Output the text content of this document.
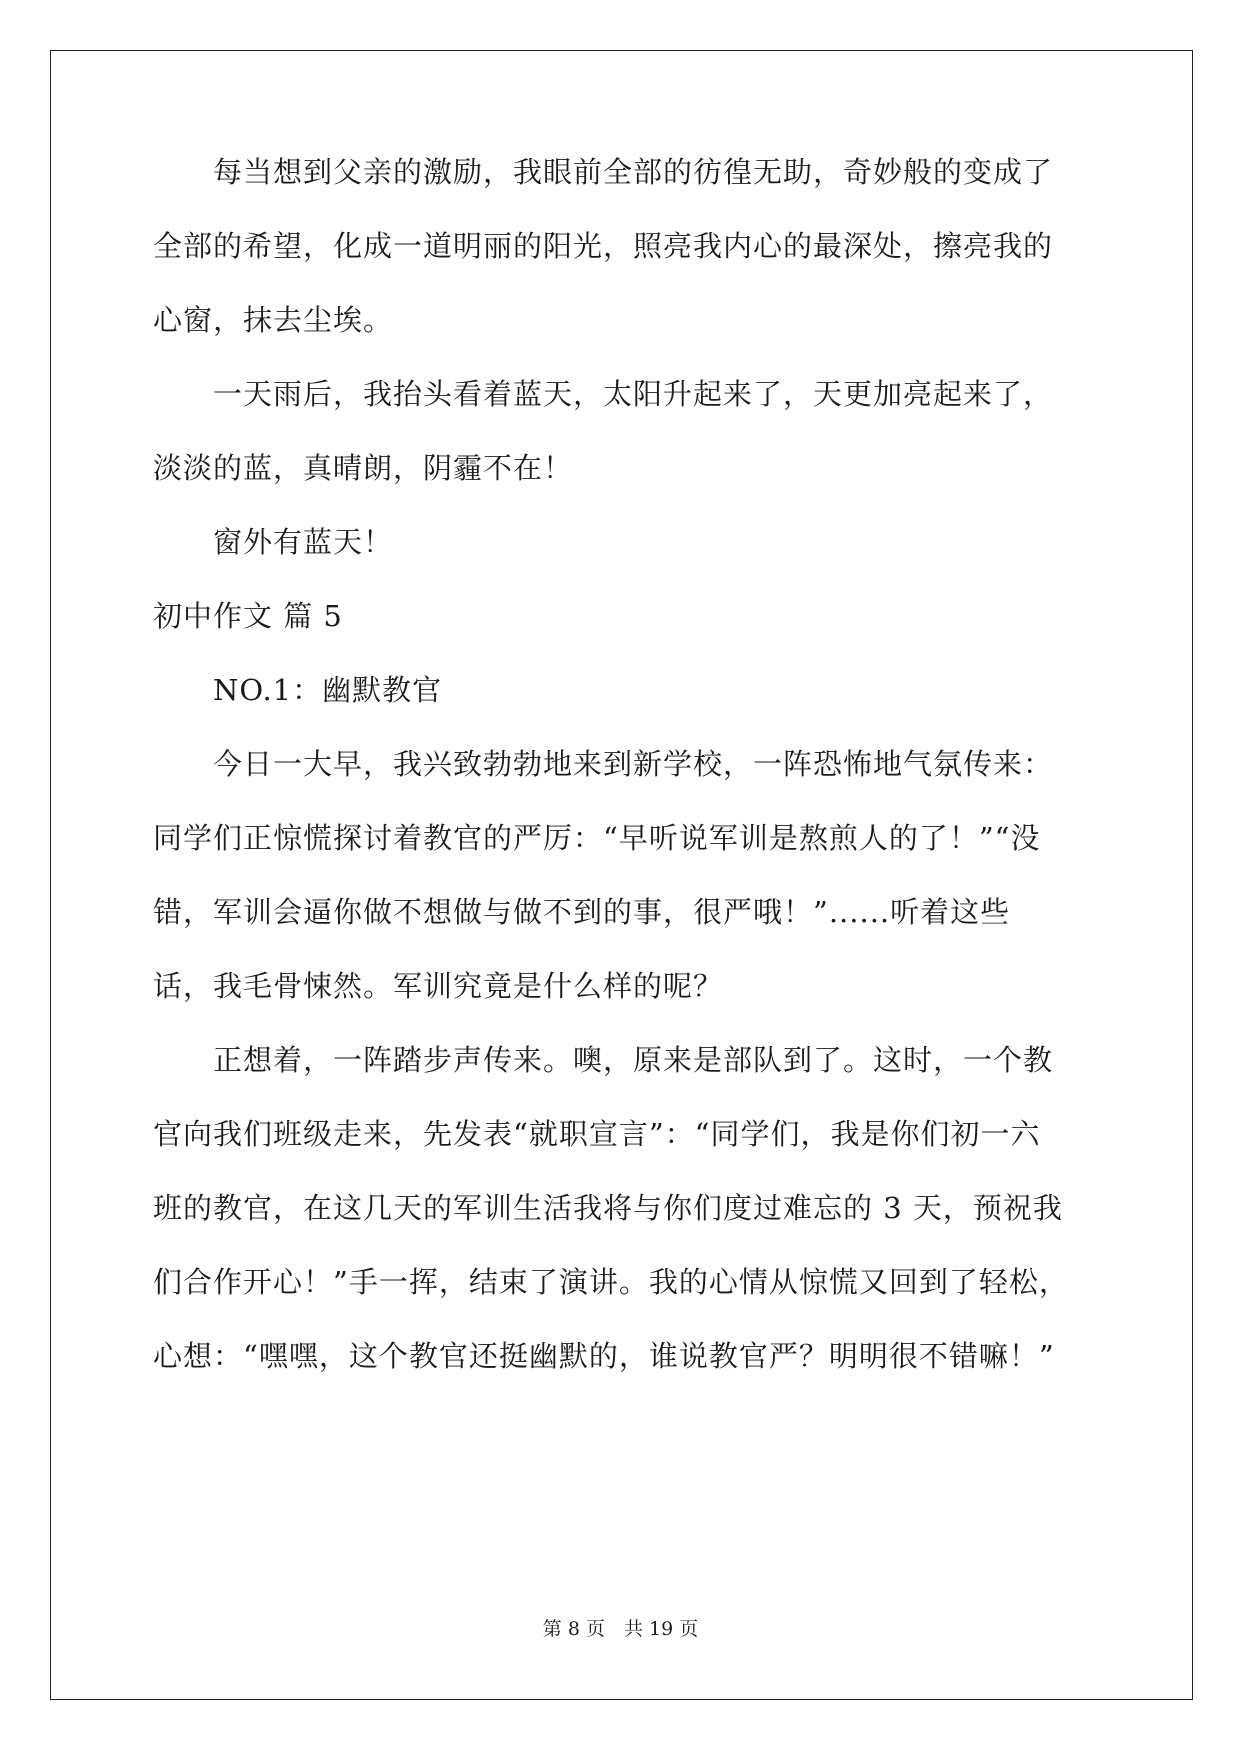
每当想到父亲的激励，我眼前全部的彷徨无助，奇妙般的变成了
全部的希望，化成一道明丽的阳光，照亮我内心的最深处，擦亮我的
心窗，抹去尘埃。
一天雨后，我抬头看着蓝天，太阳升起来了，天更加亮起来了，
淡淡的蓝，真晴朗，阴霾不在！
窗外有蓝天！
初中作文 篇 5
NO.1：幽默教官
今日一大早，我兴致勃勃地来到新学校，一阵恐怖地气氛传来：
同学们正惊慌探讨着教官的严厉：“早听说军训是熬煎人的了！”“没
错，军训会逼你做不想做与做不到的事，很严哦！”......听着这些
话，我毛骨悚然。军训究竟是什么样的呢？
正想着，一阵踏步声传来。噢，原来是部队到了。这时，一个教
官向我们班级走来，先发表“就职宣言”：“同学们，我是你们初一六
班的教官，在这几天的军训生活我将与你们度过难忘的 3 天，预祝我
们合作开心！”手一挥，结束了演讲。我的心情从惊慌又回到了轻松，
心想：“嘿嘿，这个教官还挺幽默的，谁说教官严？明明很不错嘛！”
第 8 页　共 19 页
